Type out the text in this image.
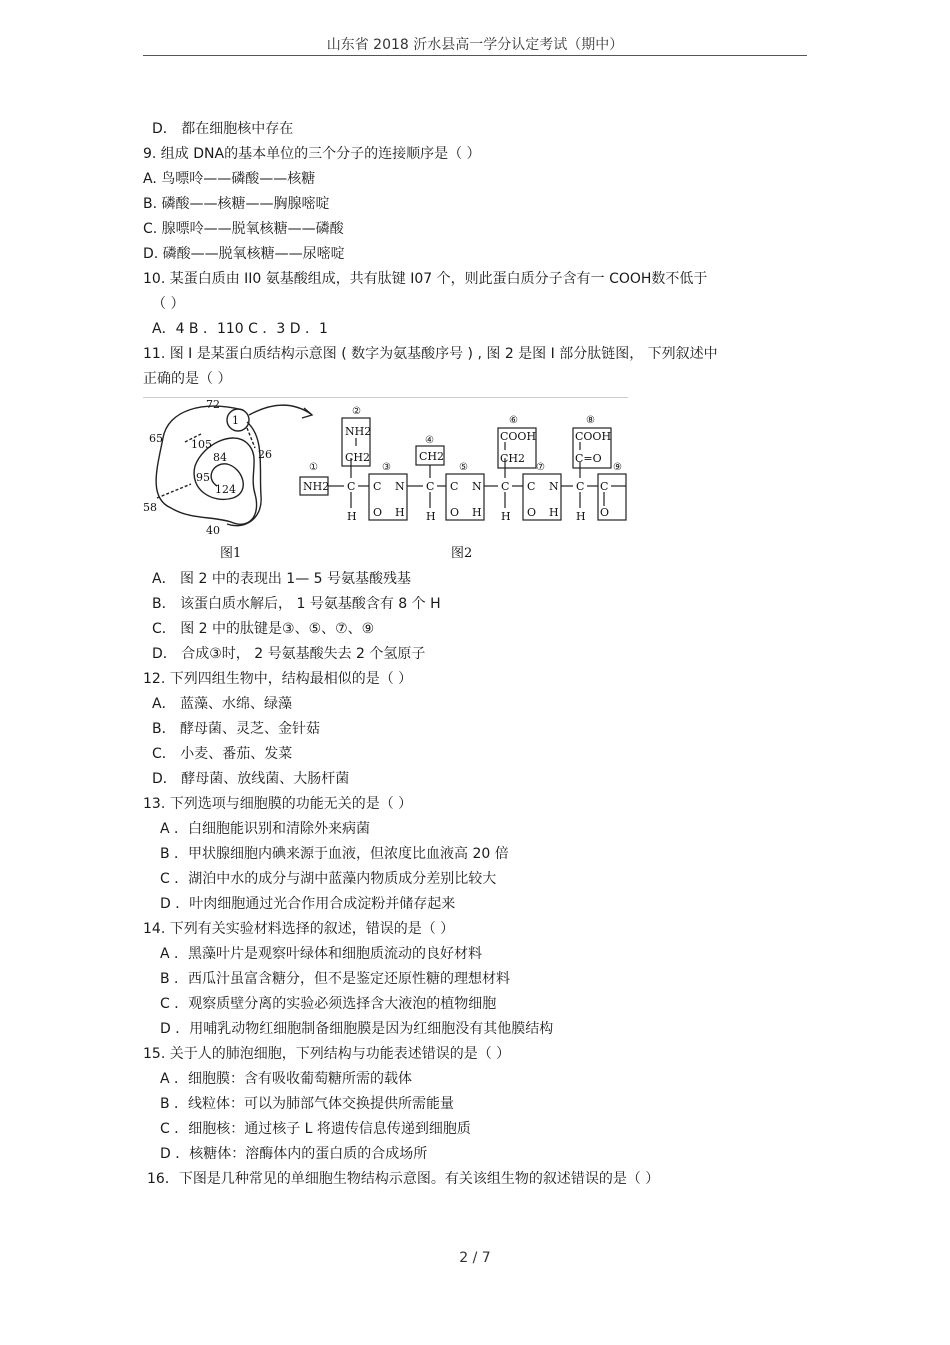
山东省 2018 沂水县高一学分认定考试（期中）
D． 都在细胞核中存在
9. 组成 DNA的基本单位的三个分子的连接顺序是（ ）
A. 鸟嘌呤——磷酸——核糖
B. 磷酸——核糖——胸腺嘧啶
C. 腺嘌呤——脱氧核糖——磷酸
D. 磷酸——脱氧核糖——尿嘧啶
10. 某蛋白质由 II0 氨基酸组成，共有肽键 I07 个，则此蛋白质分子含有一 COOH数不低于
（ ）
A．4 B ．110 C ．3 D ．1
11. 图 I 是某蛋白质结构示意图 ( 数字为氨基酸序号 ) , 图 2 是图 I 部分肽链图， 下列叙述中
正确的是（ ）
A． 图 2 中的表现出 1— 5 号氨基酸残基
B． 该蛋白质水解后， 1 号氨基酸含有 8 个 H
C． 图 2 中的肽键是③、⑤、⑦、⑨
D． 合成③时， 2 号氨基酸失去 2 个氢原子
12. 下列四组生物中，结构最相似的是（ ）
A． 蓝藻、水绵、绿藻
B． 酵母菌、灵芝、金针菇
C． 小麦、番茄、发菜
D． 酵母菌、放线菌、大肠杆菌
13. 下列选项与细胞膜的功能无关的是（ ）
A ．白细胞能识别和清除外来病菌
B ．甲状腺细胞内碘来源于血液，但浓度比血液高 20 倍
C ．湖泊中水的成分与湖中蓝藻内物质成分差别比较大
D ．叶肉细胞通过光合作用合成淀粉并储存起来
14. 下列有关实验材料选择的叙述，错误的是（ ）
A ．黑藻叶片是观察叶绿体和细胞质流动的良好材料
B ．西瓜汁虽富含糖分，但不是鉴定还原性糖的理想材料
C ．观察质壁分离的实验必须选择含大液泡的植物细胞
D ．用哺乳动物红细胞制备细胞膜是因为红细胞没有其他膜结构
15. 关于人的肺泡细胞，下列结构与功能表述错误的是（ ）
A ．细胞膜：含有吸收葡萄糖所需的载体
B ．线粒体：可以为肺部气体交换提供所需能量
C ．细胞核：通过核子 L 将遗传信息传递到细胞质
D ．核糖体：溶酶体内的蛋白质的合成场所
16．下图是几种常见的单细胞生物结构示意图。有关该组生物的叙述错误的是（ ）
72
1
65	105
84	26
95
124
58
40
图1
NH2 C
H
NH2
CH2
C N
O H
CH2
C
H
C N
O H
COOH
CH2
C
H
C N
O H
COOH
C=O
C
H
C
O
①
②
③
④
⑤
⑥
⑦
⑧
⑨
图2
2 / 7
